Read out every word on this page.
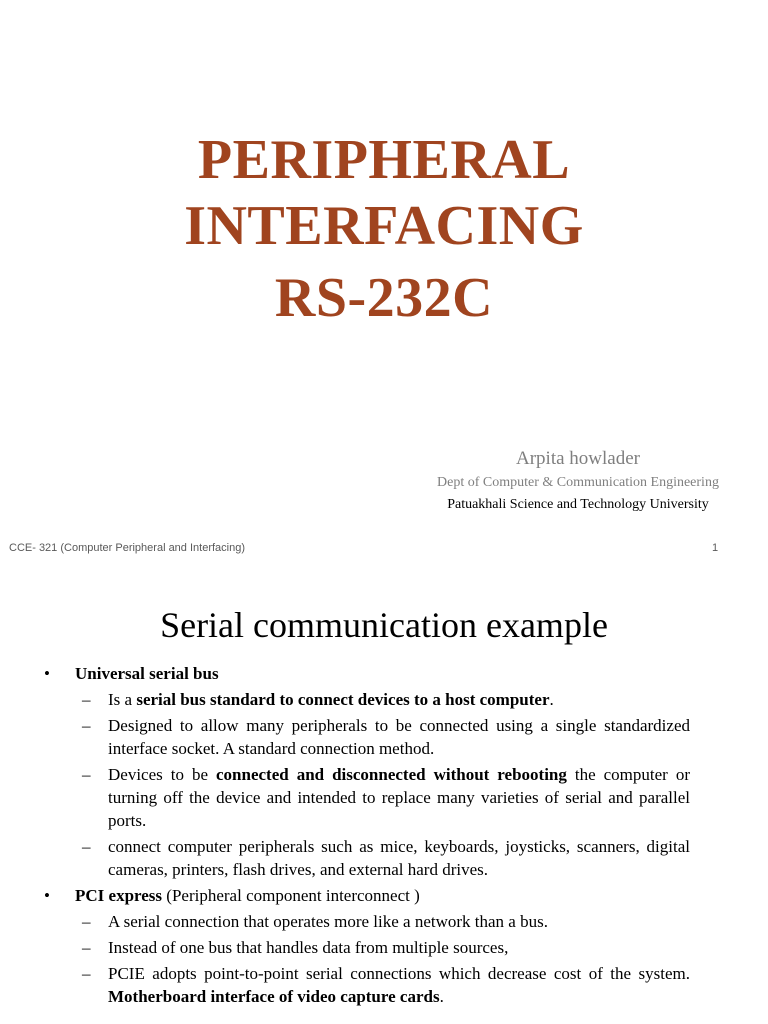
PERIPHERAL
INTERFACING
RS-232C
Arpita howlader
Dept of Computer & Communication Engineering
Patuakhali Science and Technology University
CCE- 321 (Computer Peripheral and Interfacing)	1
Serial communication example
• Universal serial bus
– Is a serial bus standard to connect devices to a host computer.
– Designed to allow many peripherals to be connected using a single standardized interface socket. A standard connection method.
– Devices to be connected and disconnected without rebooting the computer or turning off the device and intended to replace many varieties of serial and parallel ports.
– connect computer peripherals such as mice, keyboards, joysticks, scanners, digital cameras, printers, flash drives, and external hard drives.
• PCI express (Peripheral component interconnect )
– A serial connection that operates more like a network than a bus.
– Instead of one bus that handles data from multiple sources,
– PCIE adopts point-to-point serial connections which decrease cost of the system. Motherboard interface of video capture cards.
